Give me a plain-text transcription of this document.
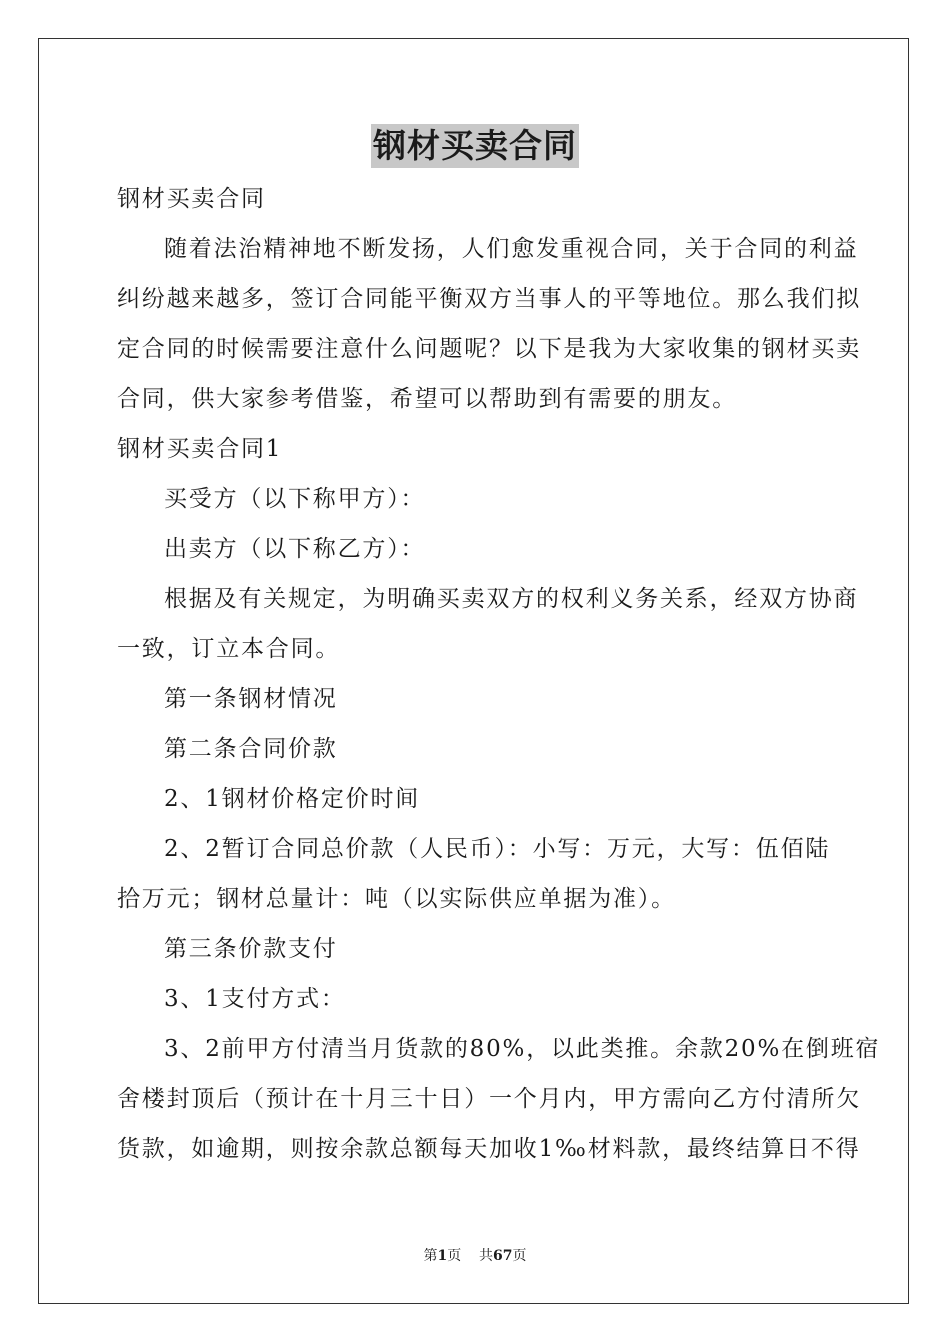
钢材买卖合同
钢材买卖合同
随着法治精神地不断发扬，人们愈发重视合同，关于合同的利益
纠纷越来越多，签订合同能平衡双方当事人的平等地位。那么我们拟
定合同的时候需要注意什么问题呢？以下是我为大家收集的钢材买卖
合同，供大家参考借鉴，希望可以帮助到有需要的朋友。
钢材买卖合同1
买受方（以下称甲方）：
出卖方（以下称乙方）：
根据及有关规定，为明确买卖双方的权利义务关系，经双方协商
一致，订立本合同。
第一条钢材情况
第二条合同价款
2、1钢材价格定价时间
2、2暂订合同总价款（人民币）：小写：万元，大写：伍佰陆
拾万元；钢材总量计：吨（以实际供应单据为准）。
第三条价款支付
3、1支付方式：
3、2前甲方付清当月货款的80%，以此类推。余款20%在倒班宿
舍楼封顶后（预计在十月三十日）一个月内，甲方需向乙方付清所欠
货款，如逾期，则按余款总额每天加收1‰材料款，最终结算日不得
第1页 共67页
